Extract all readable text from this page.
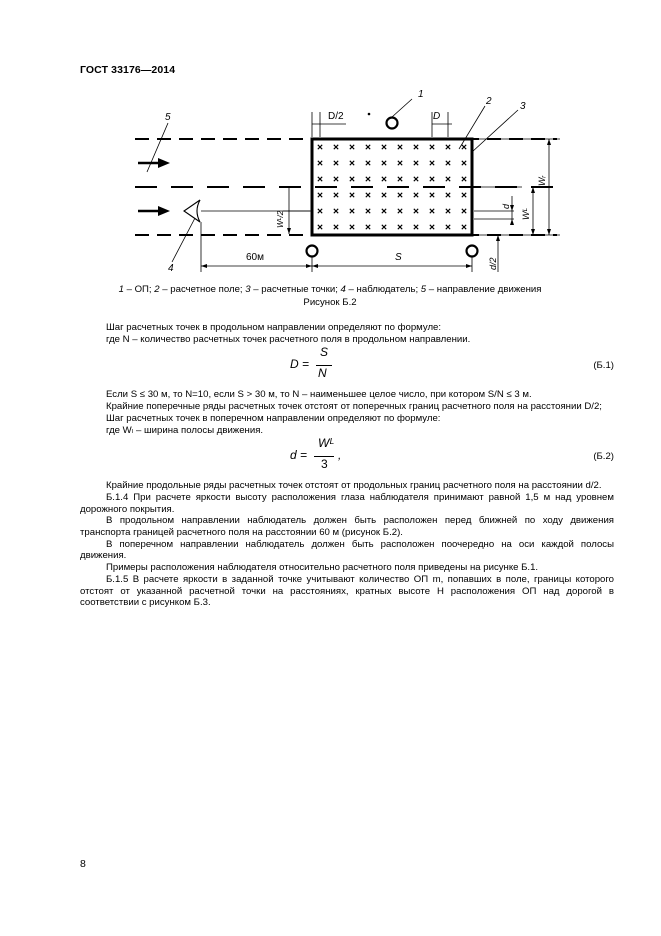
ГОСТ 33176—2014
1
2	3
4
5	D/2	D
60м	S
Wᴸ/2
d
d/2
Wᴸ
Wᵣ
1 – ОП; 2 – расчетное поле; 3 – расчетные точки; 4 – наблюдатель; 5 – направление движения
Рисунок Б.2

Шаг расчетных точек в продольном направлении определяют по формуле:

где N – количество расчетных точек расчетного поля в продольном направлении.

D =
S
N
(Б.1)

Если S ≤ 30 м, то N=10, если S > 30 м, то N – наименьшее целое число, при котором S/N ≤ 3 м.

Крайние поперечные ряды расчетных точек отстоят от поперечных границ расчетного поля на расстоянии D/2;

Шаг расчетных точек в поперечном направлении определяют по формуле:

где Wₗ – ширина полосы движения.

d =
Wᴸ
3
,	(Б.2)

Крайние продольные ряды расчетных точек отстоят от продольных границ расчетного поля на расстоянии d/2.

Б.1.4 При расчете яркости высоту расположения глаза наблюдателя принимают равной 1,5 м над уровнем дорожного покрытия.

В продольном направлении наблюдатель должен быть расположен перед ближней по ходу движения транспорта границей расчетного поля на расстоянии 60 м (рисунок Б.2).

В поперечном направлении наблюдатель должен быть расположен поочередно на оси каждой полосы движения.

Примеры расположения наблюдателя относительно расчетного поля приведены на рисунке Б.1.

Б.1.5 В расчете яркости в заданной точке учитывают количество ОП m, попавших в поле, границы которого отстоят от указанной расчетной точки на расстояниях, кратных высоте H расположения ОП над дорогой в соответствии с рисунком Б.3.

8
